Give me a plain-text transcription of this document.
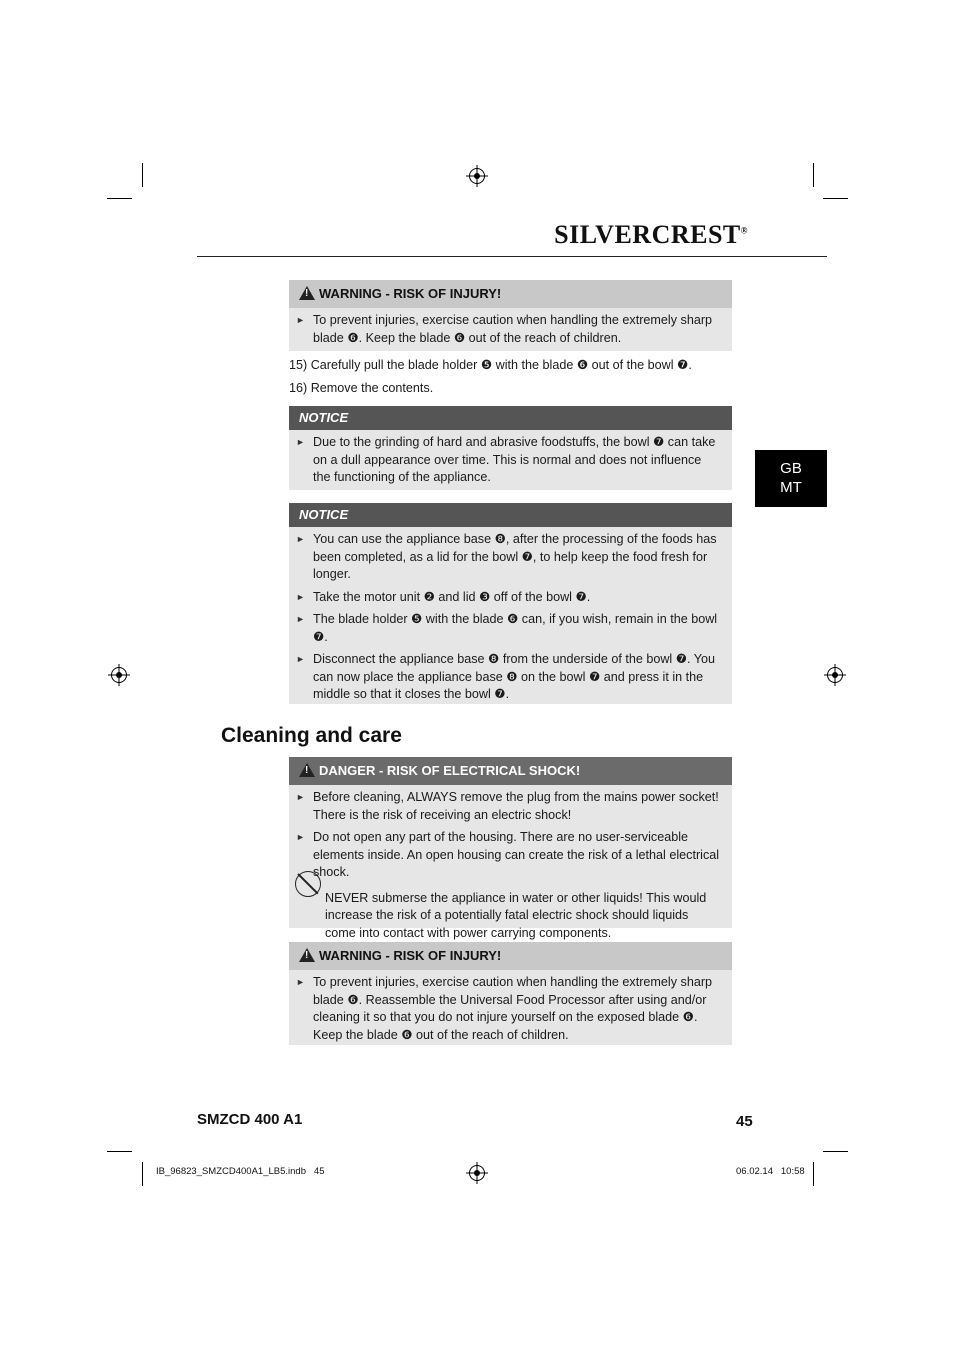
SILVERCREST®
GB
MT
!WARNING - RISK OF INJURY!
► To prevent injuries, exercise caution when handling the extremely sharp blade ❻. Keep the blade ❻ out of the reach of children.
15) Carefully pull the blade holder ❺ with the blade ❻ out of the bowl ❼.
16) Remove the contents.
NOTICE
► Due to the grinding of hard and abrasive foodstuffs, the bowl ❼ can take on a dull appearance over time. This is normal and does not influence the functioning of the appliance.
NOTICE
► You can use the appliance base ❽, after the processing of the foods has been completed, as a lid for the bowl ❼, to help keep the food fresh for longer.
► Take the motor unit ❷ and lid ❸ off of the bowl ❼.
► The blade holder ❺ with the blade ❻ can, if you wish, remain in the bowl ❼.
► Disconnect the appliance base ❽ from the underside of the bowl ❼. You can now place the appliance base ❽ on the bowl ❼ and press it in the middle so that it closes the bowl ❼.
Cleaning and care
!DANGER - RISK OF ELECTRICAL SHOCK!
► Before cleaning, ALWAYS remove the plug from the mains power socket! There is the risk of receiving an electric shock!
► Do not open any part of the housing. There are no user-serviceable elements inside. An open housing can create the risk of a lethal electrical shock.
NEVER submerse the appliance in water or other liquids! This would increase the risk of a potentially fatal electric shock should liquids come into contact with power carrying components.
!WARNING - RISK OF INJURY!
► To prevent injuries, exercise caution when handling the extremely sharp blade ❻. Reassemble the Universal Food Processor after using and/or cleaning it so that you do not injure yourself on the exposed blade ❻. Keep the blade ❻ out of the reach of children.
SMZCD 400 A1	45
IB_96823_SMZCD400A1_LB5.indb   45	06.02.14   10:58
